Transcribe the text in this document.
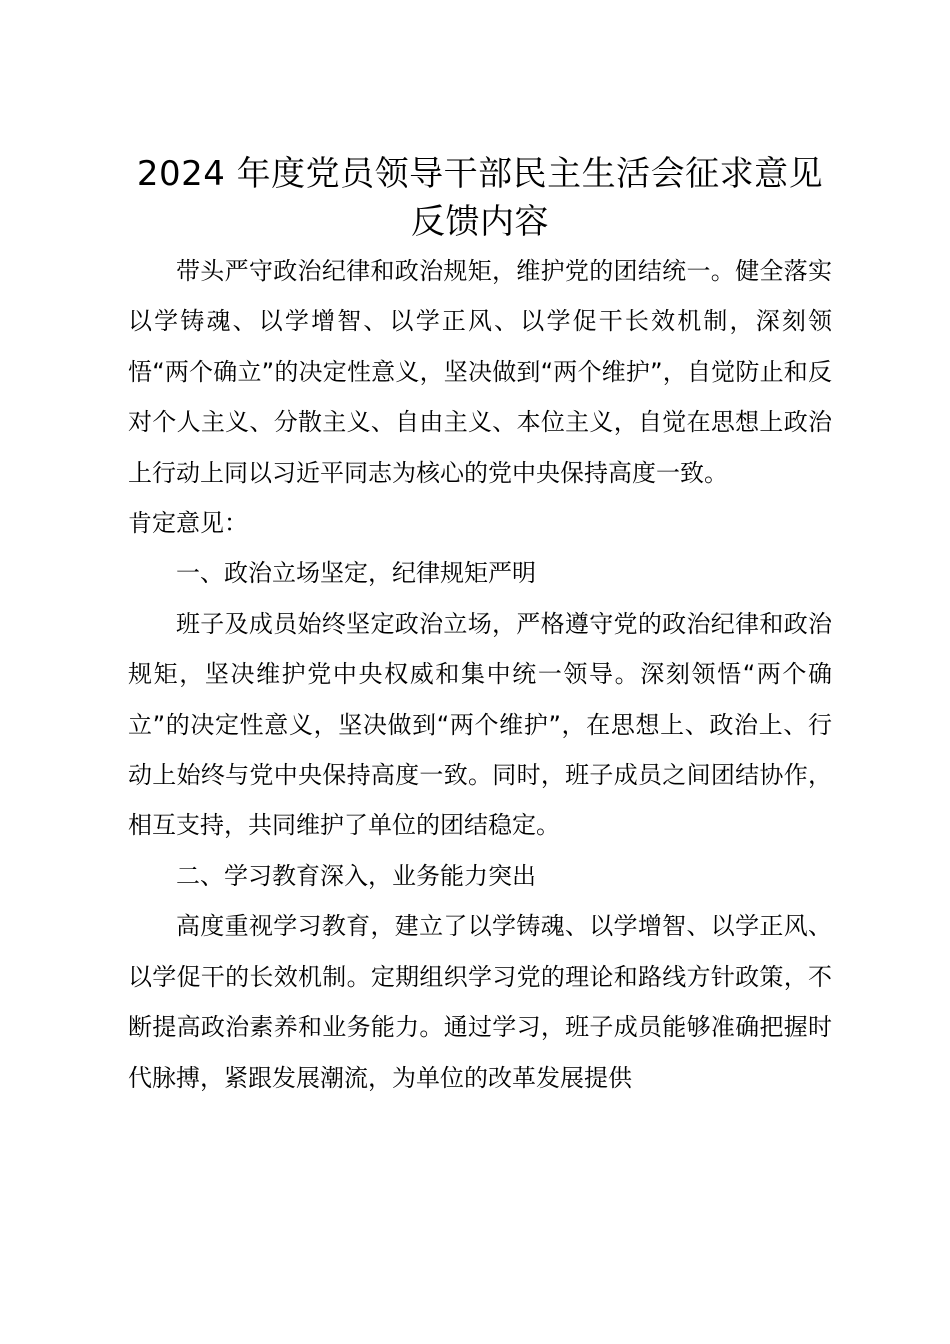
2024 年度党员领导干部民主生活会征求意见
反馈内容

带头严守政治纪律和政治规矩，维护党的团结统一。健全落实以学铸魂、以学增智、以学正风、以学促干长效机制，深刻领悟“两个确立”的决定性意义，坚决做到“两个维护”，自觉防止和反对个人主义、分散主义、自由主义、本位主义，自觉在思想上政治上行动上同以习近平同志为核心的党中央保持高度一致。

肯定意见：

一、政治立场坚定，纪律规矩严明

班子及成员始终坚定政治立场，严格遵守党的政治纪律和政治规矩，坚决维护党中央权威和集中统一领导。深刻领悟“两个确立”的决定性意义，坚决做到“两个维护”，在思想上、政治上、行动上始终与党中央保持高度一致。同时，班子成员之间团结协作，相互支持，共同维护了单位的团结稳定。

二、学习教育深入，业务能力突出

高度重视学习教育，建立了以学铸魂、以学增智、以学正风、以学促干的长效机制。定期组织学习党的理论和路线方针政策，不断提高政治素养和业务能力。通过学习，班子成员能够准确把握时代脉搏，紧跟发展潮流，为单位的改革发展提供
